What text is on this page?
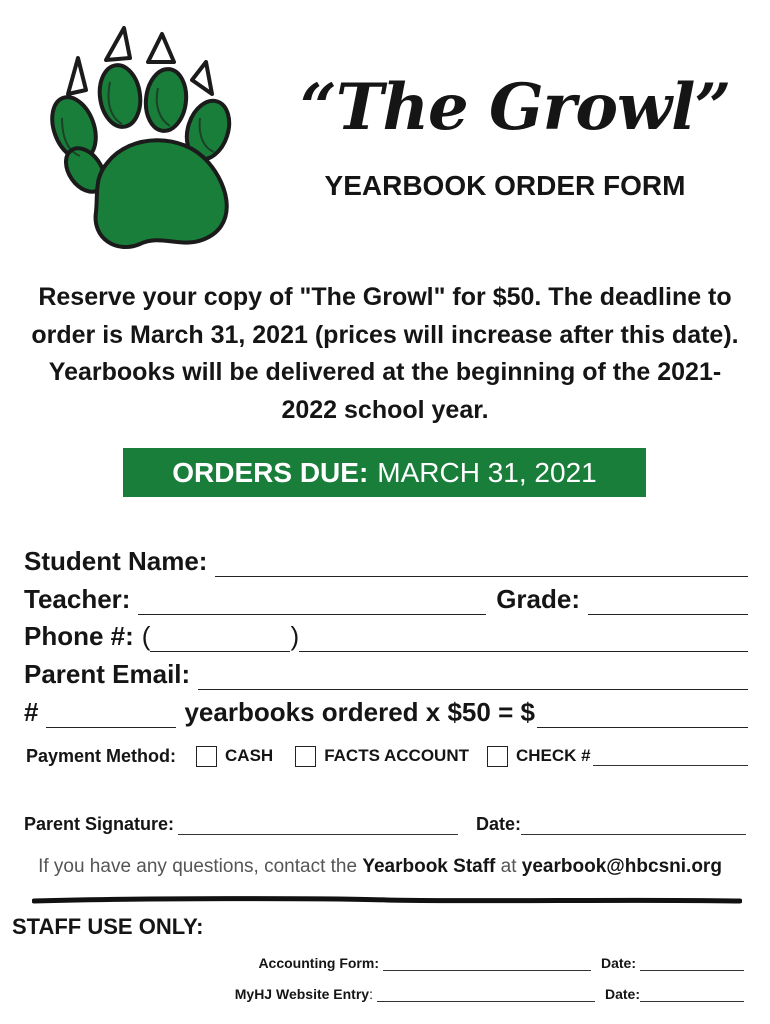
“The Growl”
YEARBOOK ORDER FORM

Reserve your copy of "The Growl" for $50. The deadline to order is March 31, 2021 (prices will increase after this date). Yearbooks will be delivered at the beginning of the 2021-2022 school year.

ORDERS DUE: MARCH 31, 2021
Student Name:
Teacher:	Grade:
Phone #: (	)
Parent Email:
#	yearbooks ordered x $50 = $
Payment Method:	CASH	FACTS ACCOUNT	CHECK #
Parent Signature:	Date:
If you have any questions, contact the Yearbook Staff at yearbook@hbcsni.org
STAFF USE ONLY:
Accounting Form:	Date:
MyHJ Website Entry :	Date:
